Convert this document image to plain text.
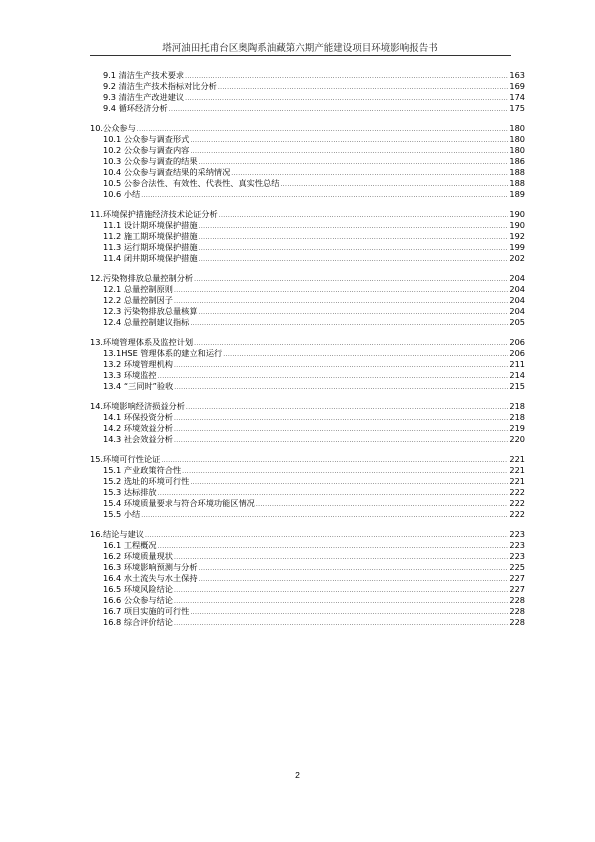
塔河油田托甫台区奥陶系油藏第六期产能建设项目环境影响报告书
9.1 清洁生产技术要求 .....	163
9.2 清洁生产技术指标对比分析 .....	169
9.3 清洁生产改进建议 .....	174
9.4 循环经济分析 .....	175
10.公众参与 .....	180
10.1 公众参与调查形式 .....	180
10.2 公众参与调查内容 .....	180
10.3 公众参与调查的结果 .....	186
10.4 公众参与调查结果的采纳情况 .....	188
10.5 公参合法性、有效性、代表性、真实性总结 .....	188
10.6 小结 .....	189
11.环境保护措施经济技术论证分析 .....	190
11.1 设计期环境保护措施 .....	190
11.2 施工期环境保护措施 .....	192
11.3 运行期环境保护措施 .....	199
11.4 闭井期环境保护措施 .....	202
12.污染物排放总量控制分析 .....	204
12.1 总量控制原则 .....	204
12.2 总量控制因子 .....	204
12.3 污染物排放总量核算 .....	204
12.4 总量控制建议指标 .....	205
13.环境管理体系及监控计划 .....	206
13.1HSE 管理体系的建立和运行 .....	206
13.2 环境管理机构 .....	211
13.3 环境监控 .....	214
13.4 “三同时”验收 .....	215
14.环境影响经济损益分析 .....	218
14.1 环保投资分析 .....	218
14.2 环境效益分析 .....	219
14.3 社会效益分析 .....	220
15.环境可行性论证 .....	221
15.1 产业政策符合性 .....	221
15.2 选址的环境可行性 .....	221
15.3 达标排放 .....	222
15.4 环境质量要求与符合环境功能区情况 .....	222
15.5 小结 .....	222
16.结论与建议 .....	223
16.1 工程概况 .....	223
16.2 环境质量现状 .....	223
16.3 环境影响预测与分析 .....	225
16.4 水土流失与水土保持 .....	227
16.5 环境风险结论 .....	227
16.6 公众参与结论 .....	228
16.7 项目实施的可行性 .....	228
16.8 综合评价结论 .....	228
2
